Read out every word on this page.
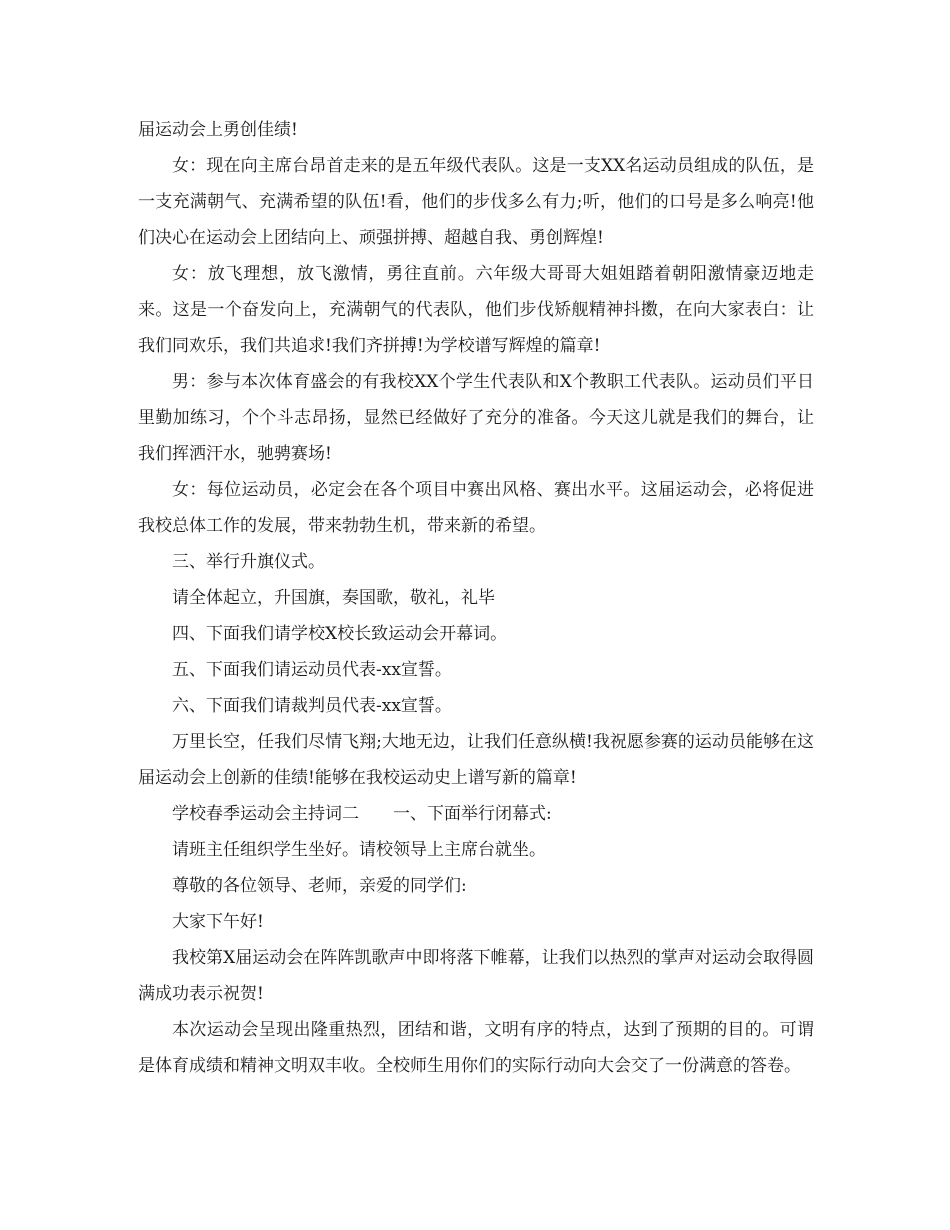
届运动会上勇创佳绩!

女：现在向主席台昂首走来的是五年级代表队。这是一支XX名运动员组成的队伍，是一支充满朝气、充满希望的队伍!看，他们的步伐多么有力;听，他们的口号是多么响亮!他们决心在运动会上团结向上、顽强拼搏、超越自我、勇创辉煌!

女：放飞理想，放飞激情，勇往直前。六年级大哥哥大姐姐踏着朝阳激情豪迈地走来。这是一个奋发向上，充满朝气的代表队，他们步伐矫舰精神抖擞，在向大家表白：让我们同欢乐，我们共追求!我们齐拼搏!为学校谱写辉煌的篇章!

男：参与本次体育盛会的有我校XX个学生代表队和X个教职工代表队。运动员们平日里勤加练习，个个斗志昂扬，显然已经做好了充分的准备。今天这儿就是我们的舞台，让我们挥洒汗水，驰骋赛场!

女：每位运动员，必定会在各个项目中赛出风格、赛出水平。这届运动会，必将促进我校总体工作的发展，带来勃勃生机，带来新的希望。

三、举行升旗仪式。

请全体起立，升国旗，奏国歌，敬礼，礼毕

四、下面我们请学校X校长致运动会开幕词。

五、下面我们请运动员代表-xx宣誓。

六、下面我们请裁判员代表-xx宣誓。

万里长空，任我们尽情飞翔;大地无边，让我们任意纵横!我祝愿参赛的运动员能够在这届运动会上创新的佳绩!能够在我校运动史上谱写新的篇章!

学校春季运动会主持词二　　一、下面举行闭幕式:

请班主任组织学生坐好。请校领导上主席台就坐。

尊敬的各位领导、老师，亲爱的同学们:

大家下午好!

我校第X届运动会在阵阵凯歌声中即将落下帷幕，让我们以热烈的掌声对运动会取得圆满成功表示祝贺!

本次运动会呈现出隆重热烈，团结和谐，文明有序的特点，达到了预期的目的。可谓是体育成绩和精神文明双丰收。全校师生用你们的实际行动向大会交了一份满意的答卷。
